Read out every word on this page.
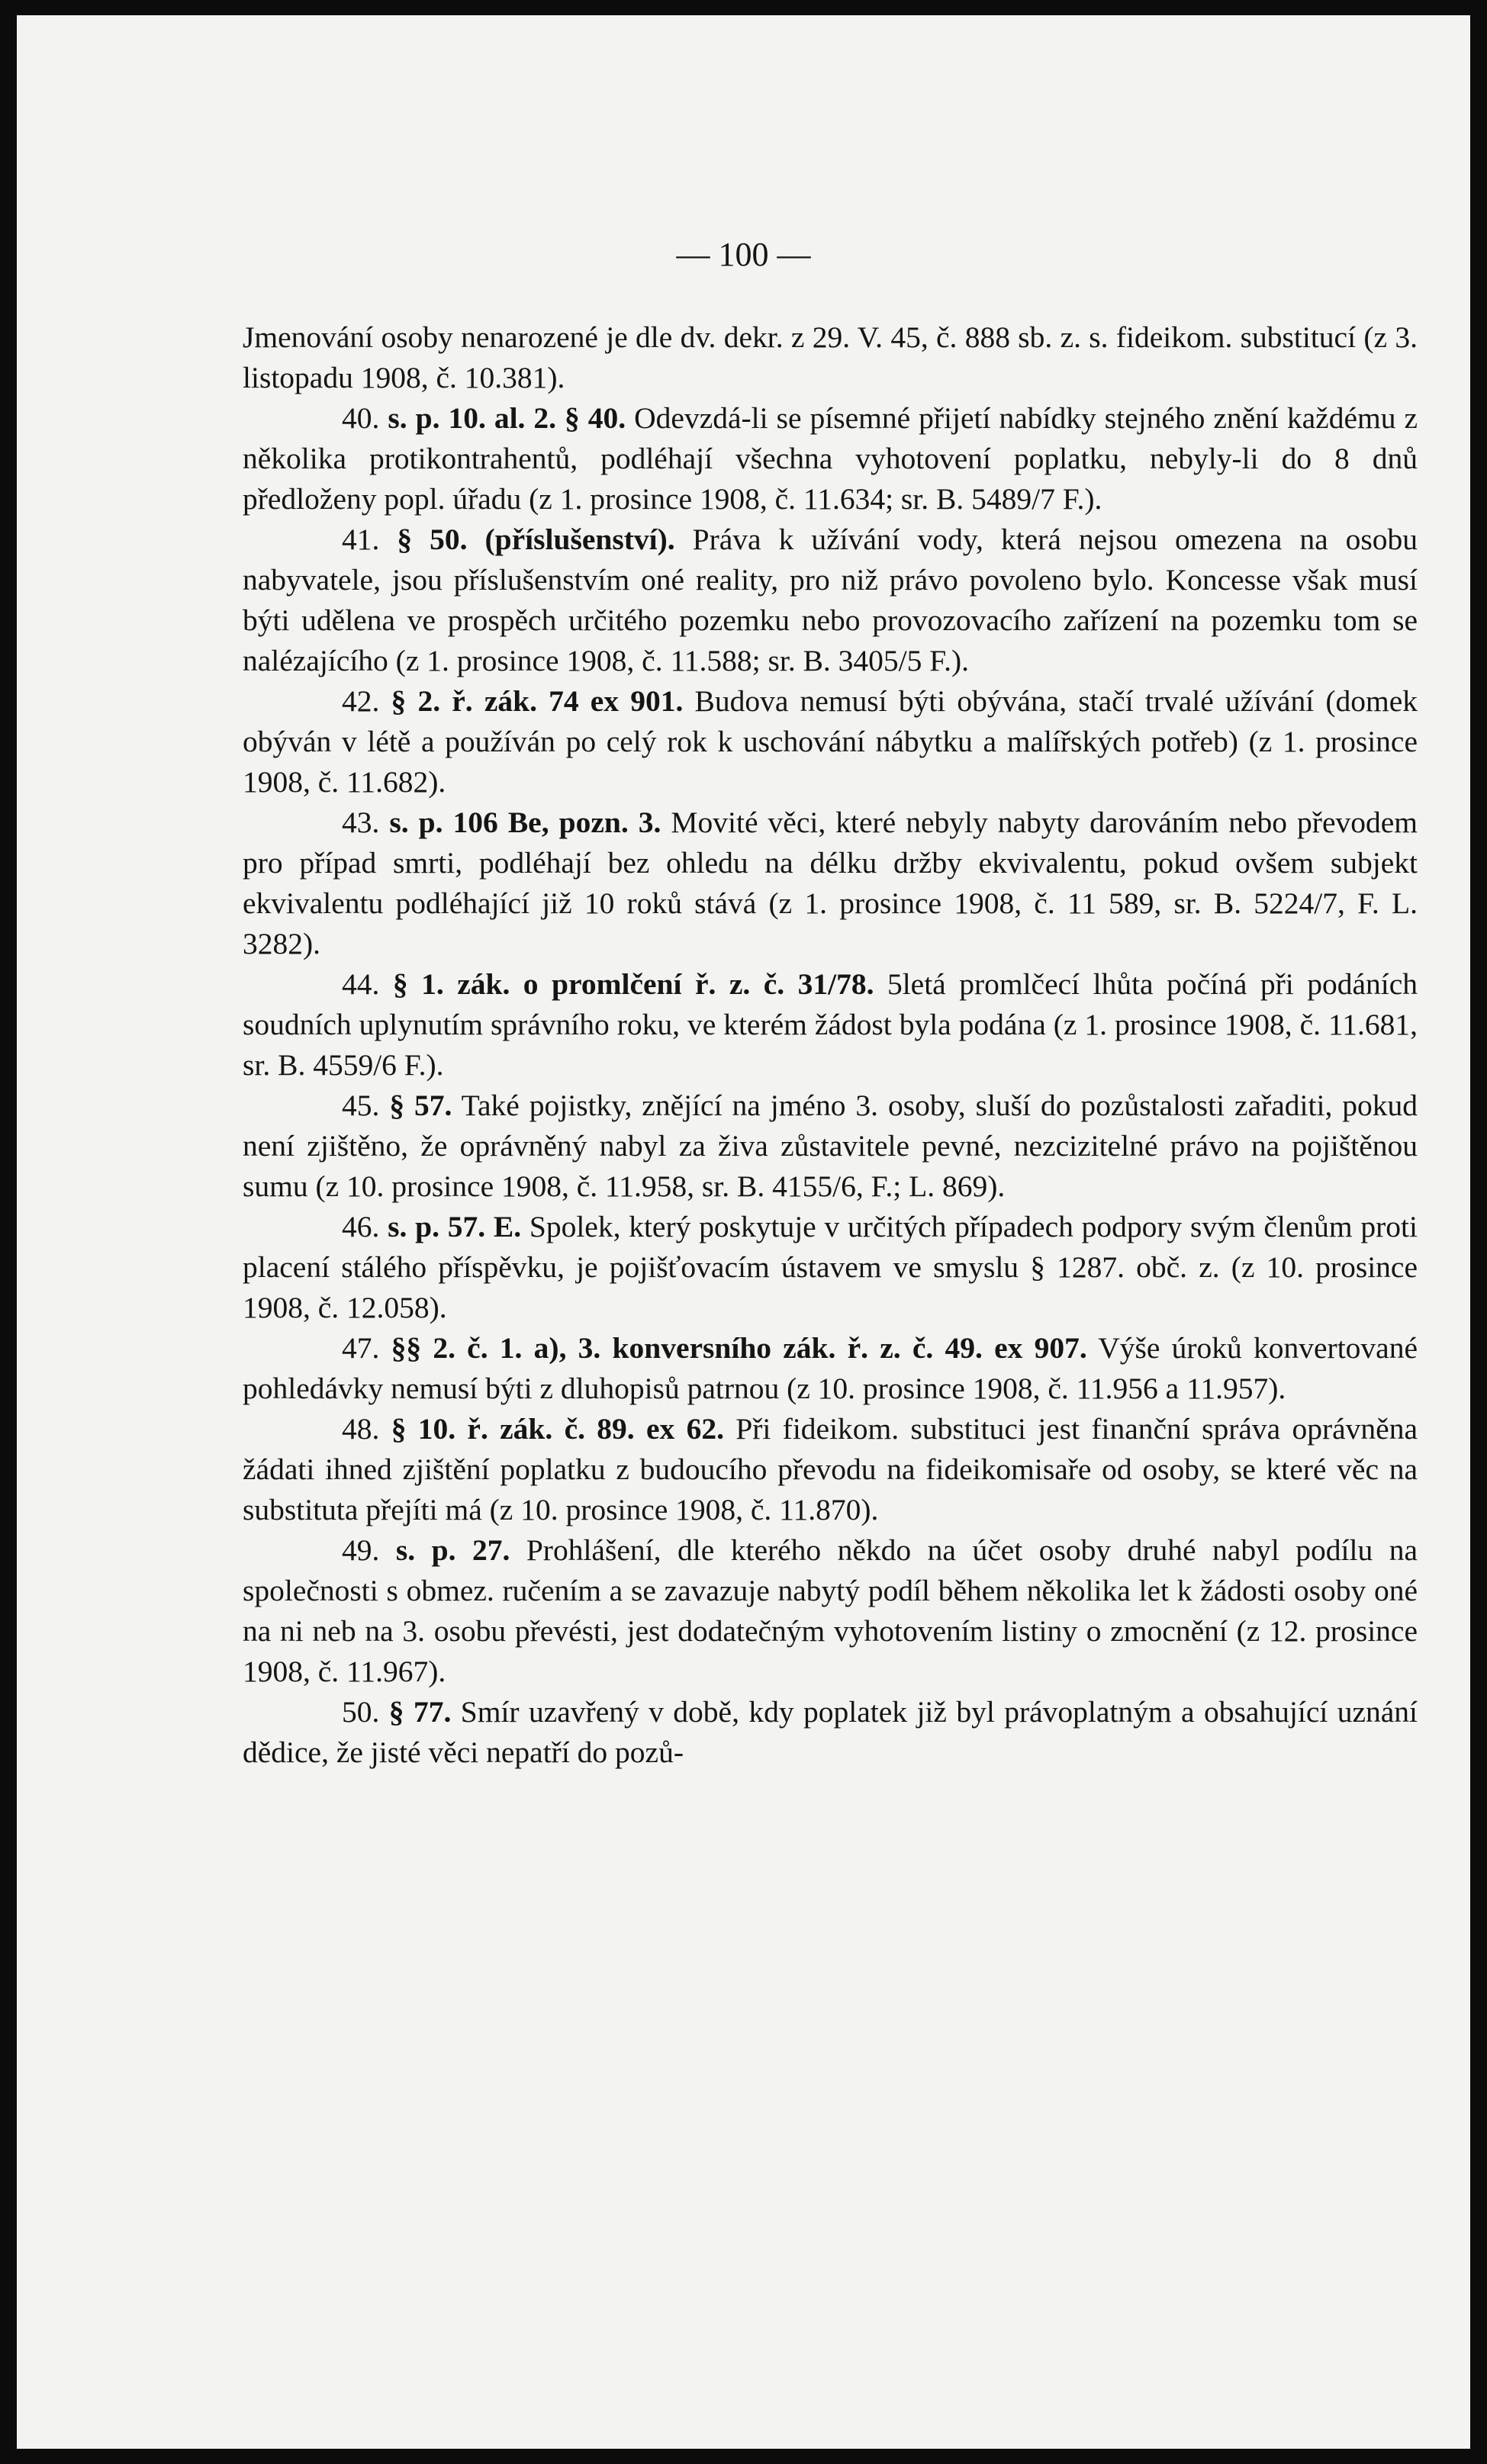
— 100 —

Jmenování osoby nenarozené je dle dv. dekr. z 29. V. 45, č. 888 sb. z. s. fideikom. substitucí (z 3. listopadu 1908, č. 10.381).

40. s. p. 10. al. 2. § 40. Odevzdá-li se písemné přijetí nabídky stejného znění každému z několika protikontrahentů, podléhají všechna vyhotovení poplatku, nebyly-li do 8 dnů předloženy popl. úřadu (z 1. prosince 1908, č. 11.634; sr. B. 5489/7 F.).

41. § 50. (příslušenství). Práva k užívání vody, která nejsou omezena na osobu nabyvatele, jsou příslušenstvím oné reality, pro niž právo povoleno bylo. Koncesse však musí býti udělena ve prospěch určitého pozemku nebo provozovacího zařízení na pozemku tom se nalézajícího (z 1. prosince 1908, č. 11.588; sr. B. 3405/5 F.).

42. § 2. ř. zák. 74 ex 901. Budova nemusí býti obývána, stačí trvalé užívání (domek obýván v létě a používán po celý rok k uschování nábytku a malířských potřeb) (z 1. prosince 1908, č. 11.682).

43. s. p. 106 Be, pozn. 3. Movité věci, které nebyly nabyty darováním nebo převodem pro případ smrti, podléhají bez ohledu na délku držby ekvivalentu, pokud ovšem subjekt ekvivalentu podléhající již 10 roků stává (z 1. prosince 1908, č. 11 589, sr. B. 5224/7, F. L. 3282).

44. § 1. zák. o promlčení ř. z. č. 31/78. 5letá promlčecí lhůta počíná při podáních soudních uplynutím správního roku, ve kterém žádost byla podána (z 1. prosince 1908, č. 11.681, sr. B. 4559/6 F.).

45. § 57. Také pojistky, znějící na jméno 3. osoby, sluší do pozůstalosti zařaditi, pokud není zjištěno, že oprávněný nabyl za živa zůstavitele pevné, nezcizitelné právo na pojištěnou sumu (z 10. prosince 1908, č. 11.958, sr. B. 4155/6, F.; L. 869).

46. s. p. 57. E. Spolek, který poskytuje v určitých případech podpory svým členům proti placení stálého příspěvku, je pojišťovacím ústavem ve smyslu § 1287. obč. z. (z 10. prosince 1908, č. 12.058).

47. §§ 2. č. 1. a), 3. konversního zák. ř. z. č. 49. ex 907. Výše úroků konvertované pohledávky nemusí býti z dluhopisů patrnou (z 10. prosince 1908, č. 11.956 a 11.957).

48. § 10. ř. zák. č. 89. ex 62. Při fideikom. substituci jest finanční správa oprávněna žádati ihned zjištění poplatku z budoucího převodu na fideikomisaře od osoby, se které věc na substituta přejíti má (z 10. prosince 1908, č. 11.870).

49. s. p. 27. Prohlášení, dle kterého někdo na účet osoby druhé nabyl podílu na společnosti s obmez. ručením a se zavazuje nabytý podíl během několika let k žádosti osoby oné na ni neb na 3. osobu převésti, jest dodatečným vyhotovením listiny o zmocnění (z 12. prosince 1908, č. 11.967).

50. § 77. Smír uzavřený v době, kdy poplatek již byl právoplatným a obsahující uznání dědice, že jisté věci nepatří do pozů-
